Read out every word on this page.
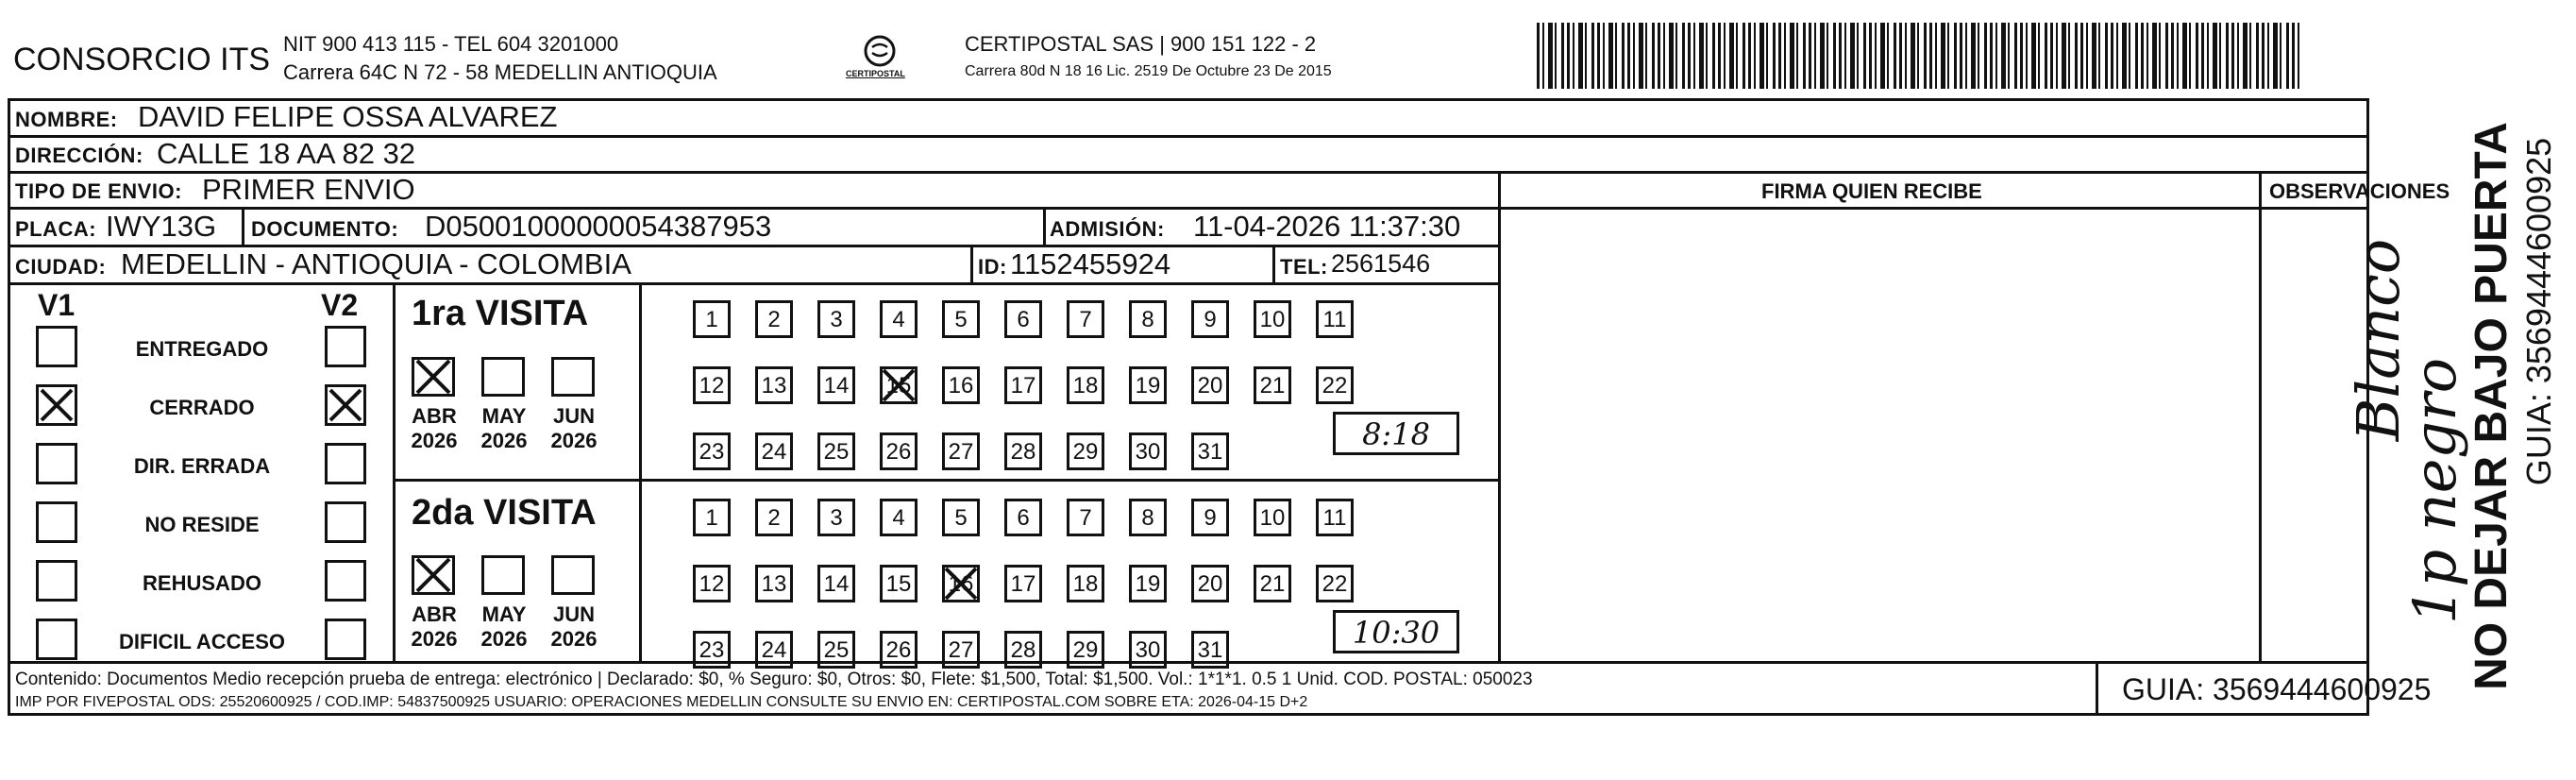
CONSORCIO ITS NIT 900 413 115 - TEL 604 3201000
Carrera 64C N 72 - 58 MEDELLIN ANTIOQUIA	CERTIPOSTAL
CERTIPOSTAL SAS | 900 151 122 - 2
Carrera 80d N 18 16 Lic. 2519 De Octubre 23 De 2015
NOMBRE: DAVID FELIPE OSSA ALVAREZ
DIRECCIÓN: CALLE 18 AA 82 32
TIPO DE ENVIO: PRIMER ENVIO
PLACA: IWY13G DOCUMENTO: D05001000000054387953	ADMISIÓN: 11-04-2026 11:37:30
CIUDAD: MEDELLIN - ANTIOQUIA - COLOMBIA	ID: 1152455924	TEL: 2561546
FIRMA QUIEN RECIBE	OBSERVACIONES
Blanco
1p negro
NO DEJAR BAJO PUERTA GUIA: 3569444600925
V1	V2
ENTREGADO
CERRADO
DIR. ERRADA
NO RESIDE
REHUSADO
DIFICIL ACCESO
1ra VISITA
2da VISITA
ABR
2026
MAY
2026
JUN
2026
ABR
2026
MAY
2026
JUN
2026
1	2	3	4	5	6	7	8	9	10	11
12 13 14 15 16 17 18 19 20 21 22
23 24 25 26 27 28 29 30 31
1	2	3	4	5	6	7	8	9	10	11
12 13 14 15 16 17 18 19 20 21 22
23 24 25 26 27 28 29 30 31
8:18
10:30
Contenido: Documentos Medio recepción prueba de entrega: electrónico | Declarado: $0, % Seguro: $0, Otros: $0, Flete: $1,500, Total: $1,500. Vol.: 1*1*1. 0.5 1 Unid. COD. POSTAL: 050023
IMP POR FIVEPOSTAL ODS: 25520600925 / COD.IMP: 54837500925 USUARIO: OPERACIONES MEDELLIN CONSULTE SU ENVIO EN: CERTIPOSTAL.COM SOBRE ETA: 2026-04-15 D+2	GUIA: 3569444600925
